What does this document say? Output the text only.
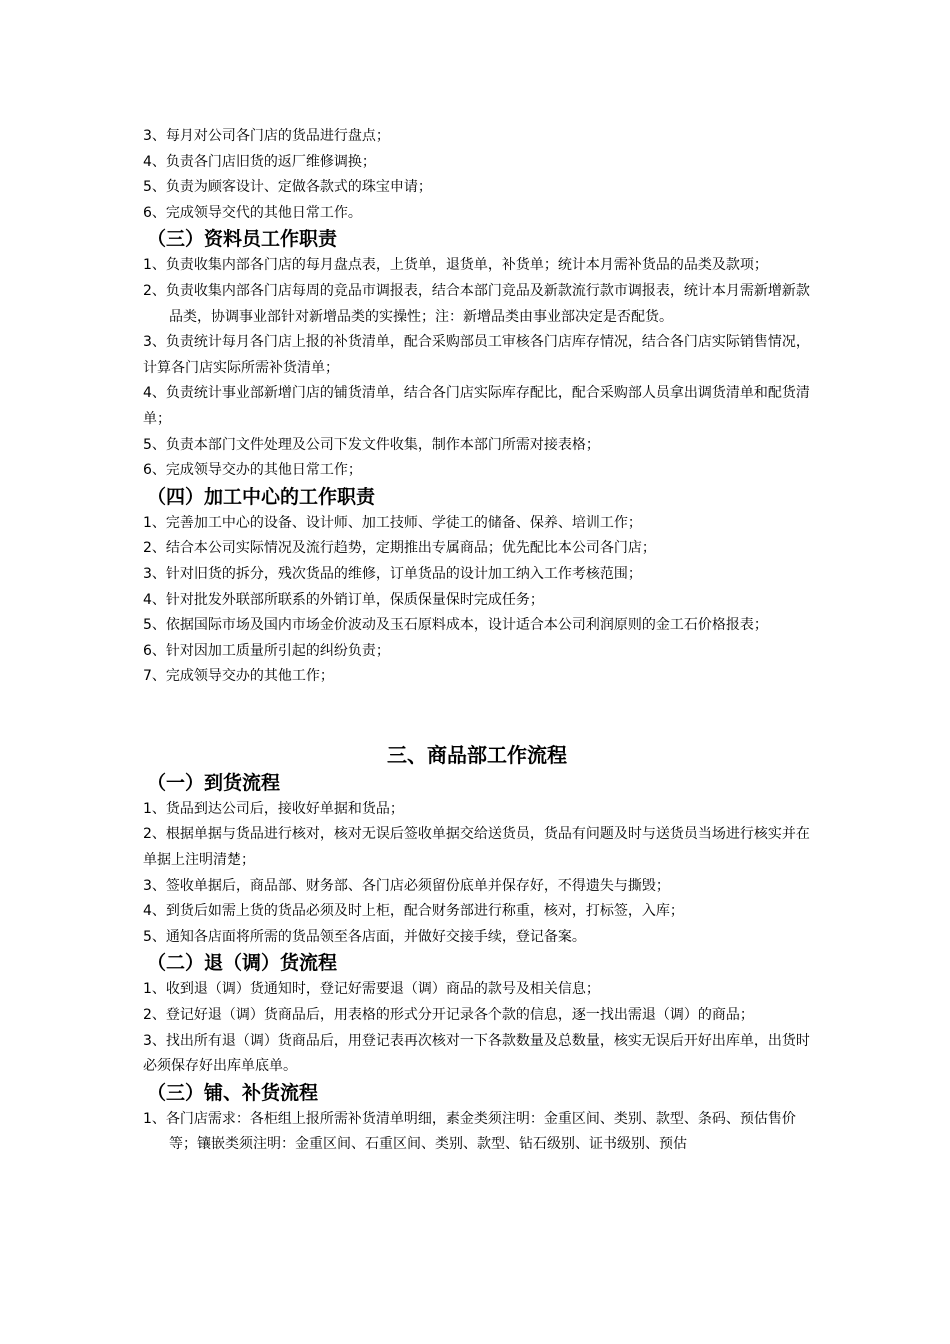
3、每月对公司各门店的货品进行盘点；

4、负责各门店旧货的返厂维修调换；

5、负责为顾客设计、定做各款式的珠宝申请；

6、完成领导交代的其他日常工作。

（三）资料员工作职责

1、负责收集内部各门店的每月盘点表，上货单，退货单，补货单；统计本月需补货品的品类及款项；

2、负责收集内部各门店每周的竞品市调报表，结合本部门竞品及新款流行款市调报表，统计本月需新增新款品类，协调事业部针对新增品类的实操性；注：新增品类由事业部决定是否配货。

3、负责统计每月各门店上报的补货清单，配合采购部员工审核各门店库存情况，结合各门店实际销售情况，计算各门店实际所需补货清单；

4、负责统计事业部新增门店的铺货清单，结合各门店实际库存配比，配合采购部人员拿出调货清单和配货清单；

5、负责本部门文件处理及公司下发文件收集，制作本部门所需对接表格；

6、完成领导交办的其他日常工作；

（四）加工中心的工作职责

1、完善加工中心的设备、设计师、加工技师、学徒工的储备、保养、培训工作；

2、结合本公司实际情况及流行趋势，定期推出专属商品；优先配比本公司各门店；

3、针对旧货的拆分，残次货品的维修，订单货品的设计加工纳入工作考核范围；

4、针对批发外联部所联系的外销订单，保质保量保时完成任务；

5、依据国际市场及国内市场金价波动及玉石原料成本，设计适合本公司利润原则的金工石价格报表；

6、针对因加工质量所引起的纠纷负责；

7、完成领导交办的其他工作；

三、商品部工作流程
（一）到货流程

1、货品到达公司后，接收好单据和货品；

2、根据单据与货品进行核对，核对无误后签收单据交给送货员，货品有问题及时与送货员当场进行核实并在单据上注明清楚；

3、签收单据后，商品部、财务部、各门店必须留份底单并保存好，不得遗失与撕毁；

4、到货后如需上货的货品必须及时上柜，配合财务部进行称重，核对，打标签，入库；

5、通知各店面将所需的货品领至各店面，并做好交接手续，登记备案。

（二）退（调）货流程

1、收到退（调）货通知时，登记好需要退（调）商品的款号及相关信息；

2、登记好退（调）货商品后，用表格的形式分开记录各个款的信息，逐一找出需退（调）的商品；

3、找出所有退（调）货商品后，用登记表再次核对一下各款数量及总数量，核实无误后开好出库单，出货时必须保存好出库单底单。

（三）铺、补货流程

1、各门店需求：各柜组上报所需补货清单明细，素金类须注明：金重区间、类别、款型、条码、预估售价等；镶嵌类须注明：金重区间、石重区间、类别、款型、钻石级别、证书级别、预估
